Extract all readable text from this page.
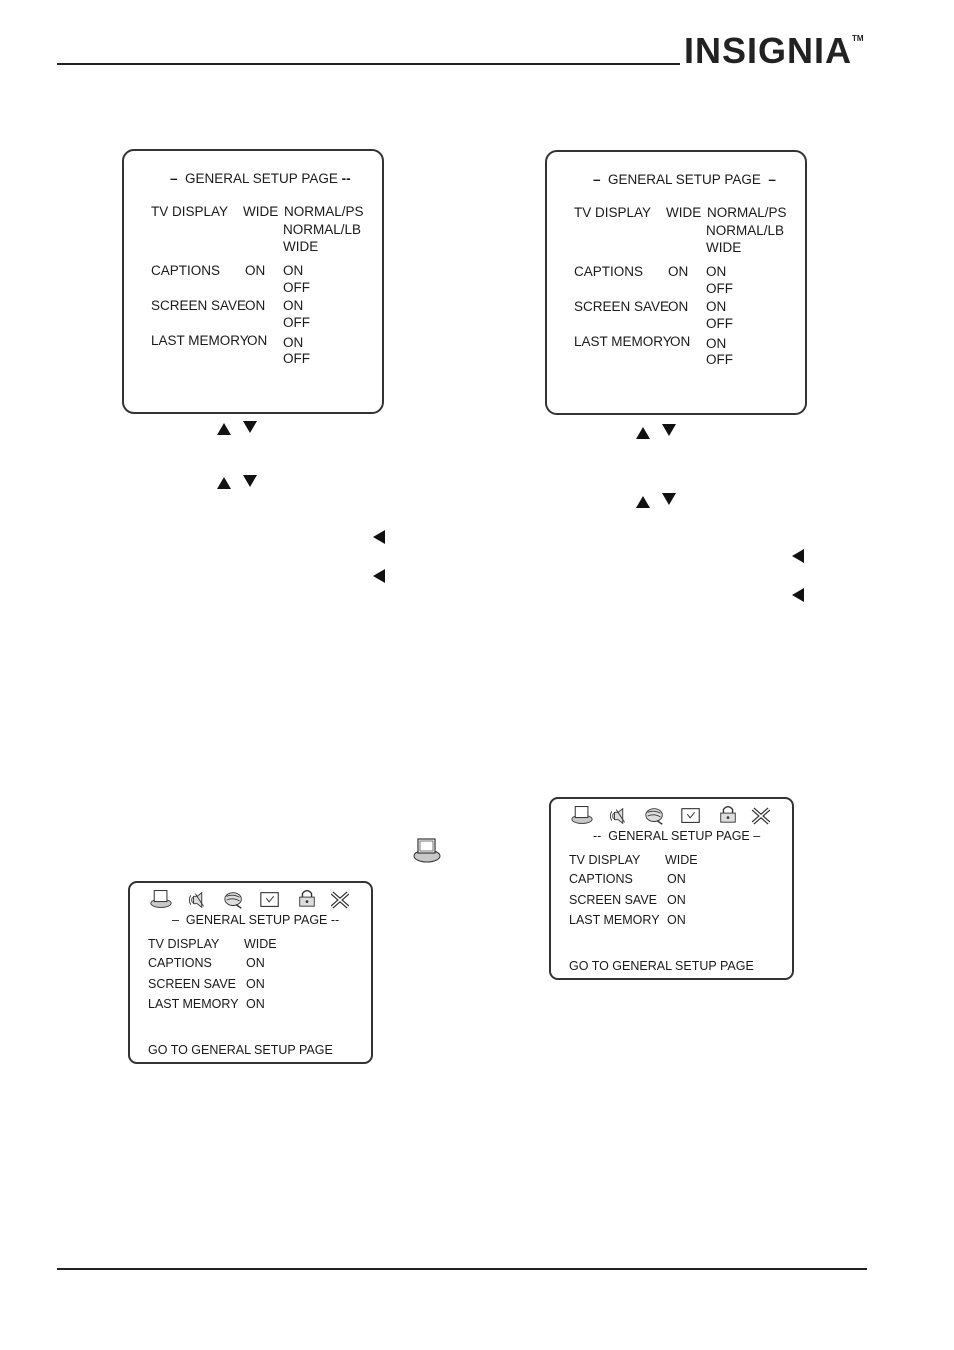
INSIGNIA™
– GENERAL SETUP PAGE --
TV DISPLAY WIDE NORMAL/PS
NORMAL/LB
WIDE
CAPTIONS ON ON
OFF
SCREEN SAVE
ON ON
OFF
LAST MEMORY
ON ON
OFF
– GENERAL SETUP PAGE –
TV DISPLAY WIDE NORMAL/PS
NORMAL/LB
WIDE
CAPTIONS ON ON
OFF
SCREEN SAVE
ON ON
OFF
LAST MEMORY
ON ON
OFF
–  GENERAL SETUP PAGE --
TV DISPLAY WIDE
CAPTIONS	ON
SCREEN SAVE ON
LAST MEMORY ON
GO TO GENERAL SETUP PAGE
--  GENERAL SETUP PAGE –
TV DISPLAY WIDE
CAPTIONS	ON
SCREEN SAVE ON
LAST MEMORY ON
GO TO GENERAL SETUP PAGE
